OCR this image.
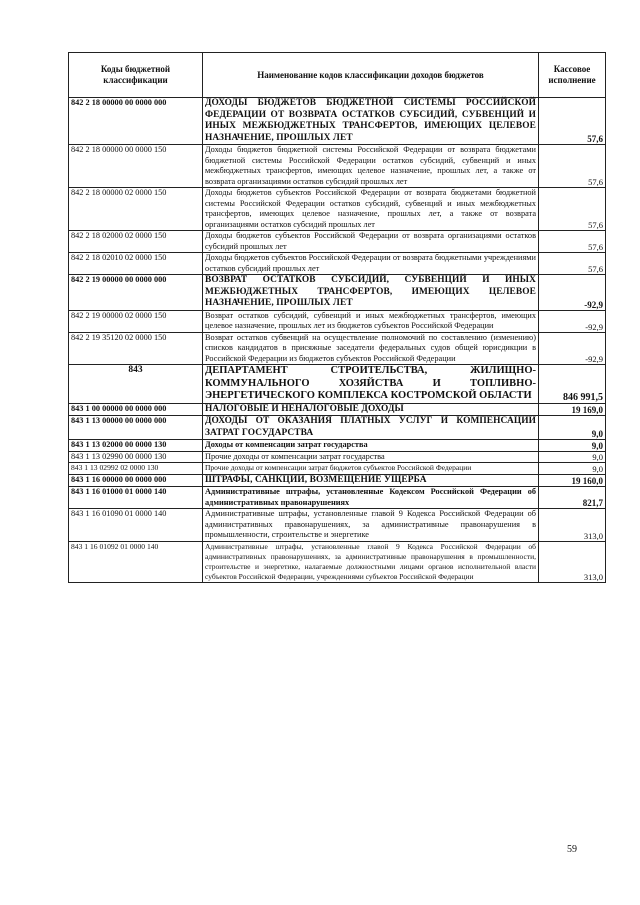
Коды бюджетной классификации	Наименование кодов классификации доходов бюджетов	Кассовое исполнение
842 2 18 00000 00 0000 000	ДОХОДЫ БЮДЖЕТОВ БЮДЖЕТНОЙ СИСТЕМЫ РОССИЙСКОЙ ФЕДЕРАЦИИ ОТ ВОЗВРАТА ОСТАТКОВ СУБСИДИЙ, СУБВЕНЦИЙ И ИНЫХ МЕЖБЮДЖЕТНЫХ ТРАНСФЕРТОВ, ИМЕЮЩИХ ЦЕЛЕВОЕ НАЗНАЧЕНИЕ, ПРОШЛЫХ ЛЕТ	57,6
842 2 18 00000 00 0000 150	Доходы бюджетов бюджетной системы Российской Федерации от возврата бюджетами бюджетной системы Российской Федерации остатков субсидий, субвенций и иных межбюджетных трансфертов, имеющих целевое назначение, прошлых лет, а также от возврата организациями остатков субсидий прошлых лет	57,6
842 2 18 00000 02 0000 150	Доходы бюджетов субъектов Российской Федерации от возврата бюджетами бюджетной системы Российской Федерации остатков субсидий, субвенций и иных межбюджетных трансфертов, имеющих целевое назначение, прошлых лет, а также от возврата организациями остатков субсидий прошлых лет	57,6
842 2 18 02000 02 0000 150	Доходы бюджетов субъектов Российской Федерации от возврата организациями остатков субсидий прошлых лет	57,6
842 2 18 02010 02 0000 150	Доходы бюджетов субъектов Российской Федерации от возврата бюджетными учреждениями остатков субсидий прошлых лет	57,6
842 2 19 00000 00 0000 000	ВОЗВРАТ ОСТАТКОВ СУБСИДИЙ, СУБВЕНЦИЙ И ИНЫХ МЕЖБЮДЖЕТНЫХ ТРАНСФЕРТОВ, ИМЕЮЩИХ ЦЕЛЕВОЕ НАЗНАЧЕНИЕ, ПРОШЛЫХ ЛЕТ	-92,9
842 2 19 00000 02 0000 150	Возврат остатков субсидий, субвенций и иных межбюджетных трансфертов, имеющих целевое назначение, прошлых лет из бюджетов субъектов Российской Федерации	-92,9
842 2 19 35120 02 0000 150	Возврат остатков субвенций на осуществление полномочий по составлению (изменению) списков кандидатов в присяжные заседатели федеральных судов общей юрисдикции в Российской Федерации из бюджетов субъектов Российской Федерации	-92,9
843	ДЕПАРТАМЕНТ СТРОИТЕЛЬСТВА, ЖИЛИЩНО-КОММУНАЛЬНОГО ХОЗЯЙСТВА И ТОПЛИВНО-ЭНЕРГЕТИЧЕСКОГО КОМПЛЕКСА КОСТРОМСКОЙ ОБЛАСТИ	846 991,5
843 1 00 00000 00 0000 000	НАЛОГОВЫЕ И НЕНАЛОГОВЫЕ ДОХОДЫ	19 169,0
843 1 13 00000 00 0000 000	ДОХОДЫ ОТ ОКАЗАНИЯ ПЛАТНЫХ УСЛУГ И КОМПЕНСАЦИИ ЗАТРАТ ГОСУДАРСТВА	9,0
843 1 13 02000 00 0000 130	Доходы от компенсации затрат государства	9,0
843 1 13 02990 00 0000 130	Прочие доходы от компенсации затрат государства	9,0
843 1 13 02992 02 0000 130	Прочие доходы от компенсации затрат бюджетов субъектов Российской Федерации	9,0
843 1 16 00000 00 0000 000	ШТРАФЫ, САНКЦИИ, ВОЗМЕЩЕНИЕ УЩЕРБА	19 160,0
843 1 16 01000 01 0000 140	Административные штрафы, установленные Кодексом Российской Федерации об административных правонарушениях	821,7
843 1 16 01090 01 0000 140	Административные штрафы, установленные главой 9 Кодекса Российской Федерации об административных правонарушениях, за административные правонарушения в промышленности, строительстве и энергетике	313,0
843 1 16 01092 01 0000 140	Административные штрафы, установленные главой 9 Кодекса Российской Федерации об административных правонарушениях, за административные правонарушения в промышленности, строительстве и энергетике, налагаемые должностными лицами органов исполнительной власти субъектов Российской Федерации, учреждениями субъектов Российской Федерации	313,0
59
